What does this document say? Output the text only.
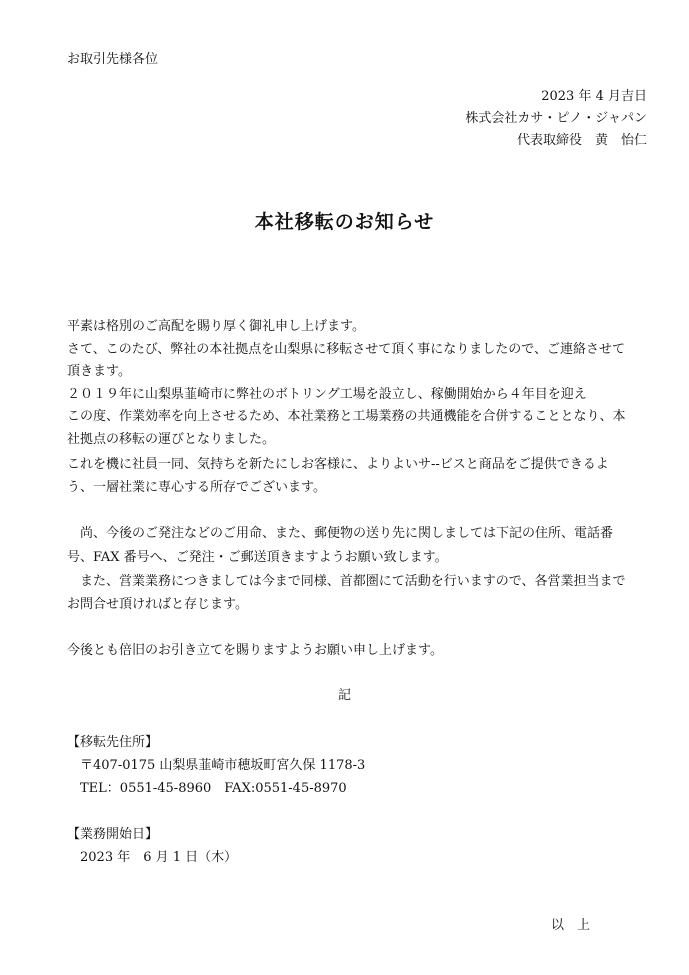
お取引先様各位
2023 年 4 月吉日
株式会社カサ・ピノ・ジャパン
代表取締役　黄　怡仁
本社移転のお知らせ
平素は格別のご高配を賜り厚く御礼申し上げます。
さて、このたび、弊社の本社拠点を山梨県に移転させて頂く事になりましたので、ご連絡させて
頂きます。
２０１９年に山梨県韮崎市に弊社のボトリング工場を設立し、稼働開始から４年目を迎え
この度、作業効率を向上させるため、本社業務と工場業務の共通機能を合併することとなり、本
社拠点の移転の運びとなりました。
これを機に社員一同、気持ちを新たにしお客様に、よりよいサ--ビスと商品をご提供できるよ
う、一層社業に専心する所存でございます。
　尚、今後のご発注などのご用命、また、郵便物の送り先に関しましては下記の住所、電話番
号、FAX 番号へ、ご発注・ご郵送頂きますようお願い致します。
　また、営業業務につきましては今まで同様、首都圏にて活動を行いますので、各営業担当まで
お問合せ頂ければと存じます。
今後とも倍旧のお引き立てを賜りますようお願い申し上げます。
記
【移転先住所】
〒407-0175 山梨県韮崎市穂坂町宮久保 1178-3
TEL：0551-45-8960　FAX:0551-45-8970
【業務開始日】
2023 年　6 月 1 日（木）
以　上
